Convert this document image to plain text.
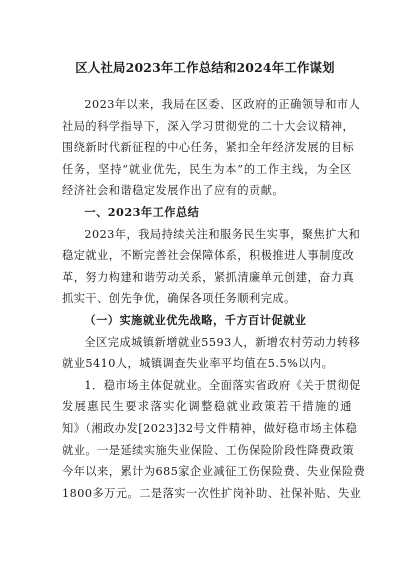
区人社局2023年工作总结和2024年工作谋划
2023年以来，我局在区委、区政府的正确领导和市人
社局的科学指导下，深入学习贯彻党的二十大会议精神，
围绕新时代新征程的中心任务，紧扣全年经济发展的目标
任务，坚持“就业优先，民生为本”的工作主线，为全区
经济社会和谐稳定发展作出了应有的贡献。
一、2023年工作总结
2023年，我局持续关注和服务民生实事，聚焦扩大和
稳定就业，不断完善社会保障体系，积极推进人事制度改
革，努力构建和谐劳动关系，紧抓清廉单元创建，奋力真
抓实干、创先争优，确保各项任务顺利完成。
（一）实施就业优先战略，千方百计促就业
全区完成城镇新增就业5593人，新增农村劳动力转移
就业5410人，城镇调查失业率平均值在5.5%以内。
1．稳市场主体促就业。全面落实省政府《关于贯彻促
发展惠民生要求落实化调整稳就业政策若干措施的通
知》（湘政办发[2023]32号文件精神，做好稳市场主体稳
就业。一是延续实施失业保险、工伤保险阶段性降费政策
今年以来，累计为685家企业减征工伤保险费、失业保险费
1800多万元。二是落实一次性扩岗补助、社保补贴、失业
